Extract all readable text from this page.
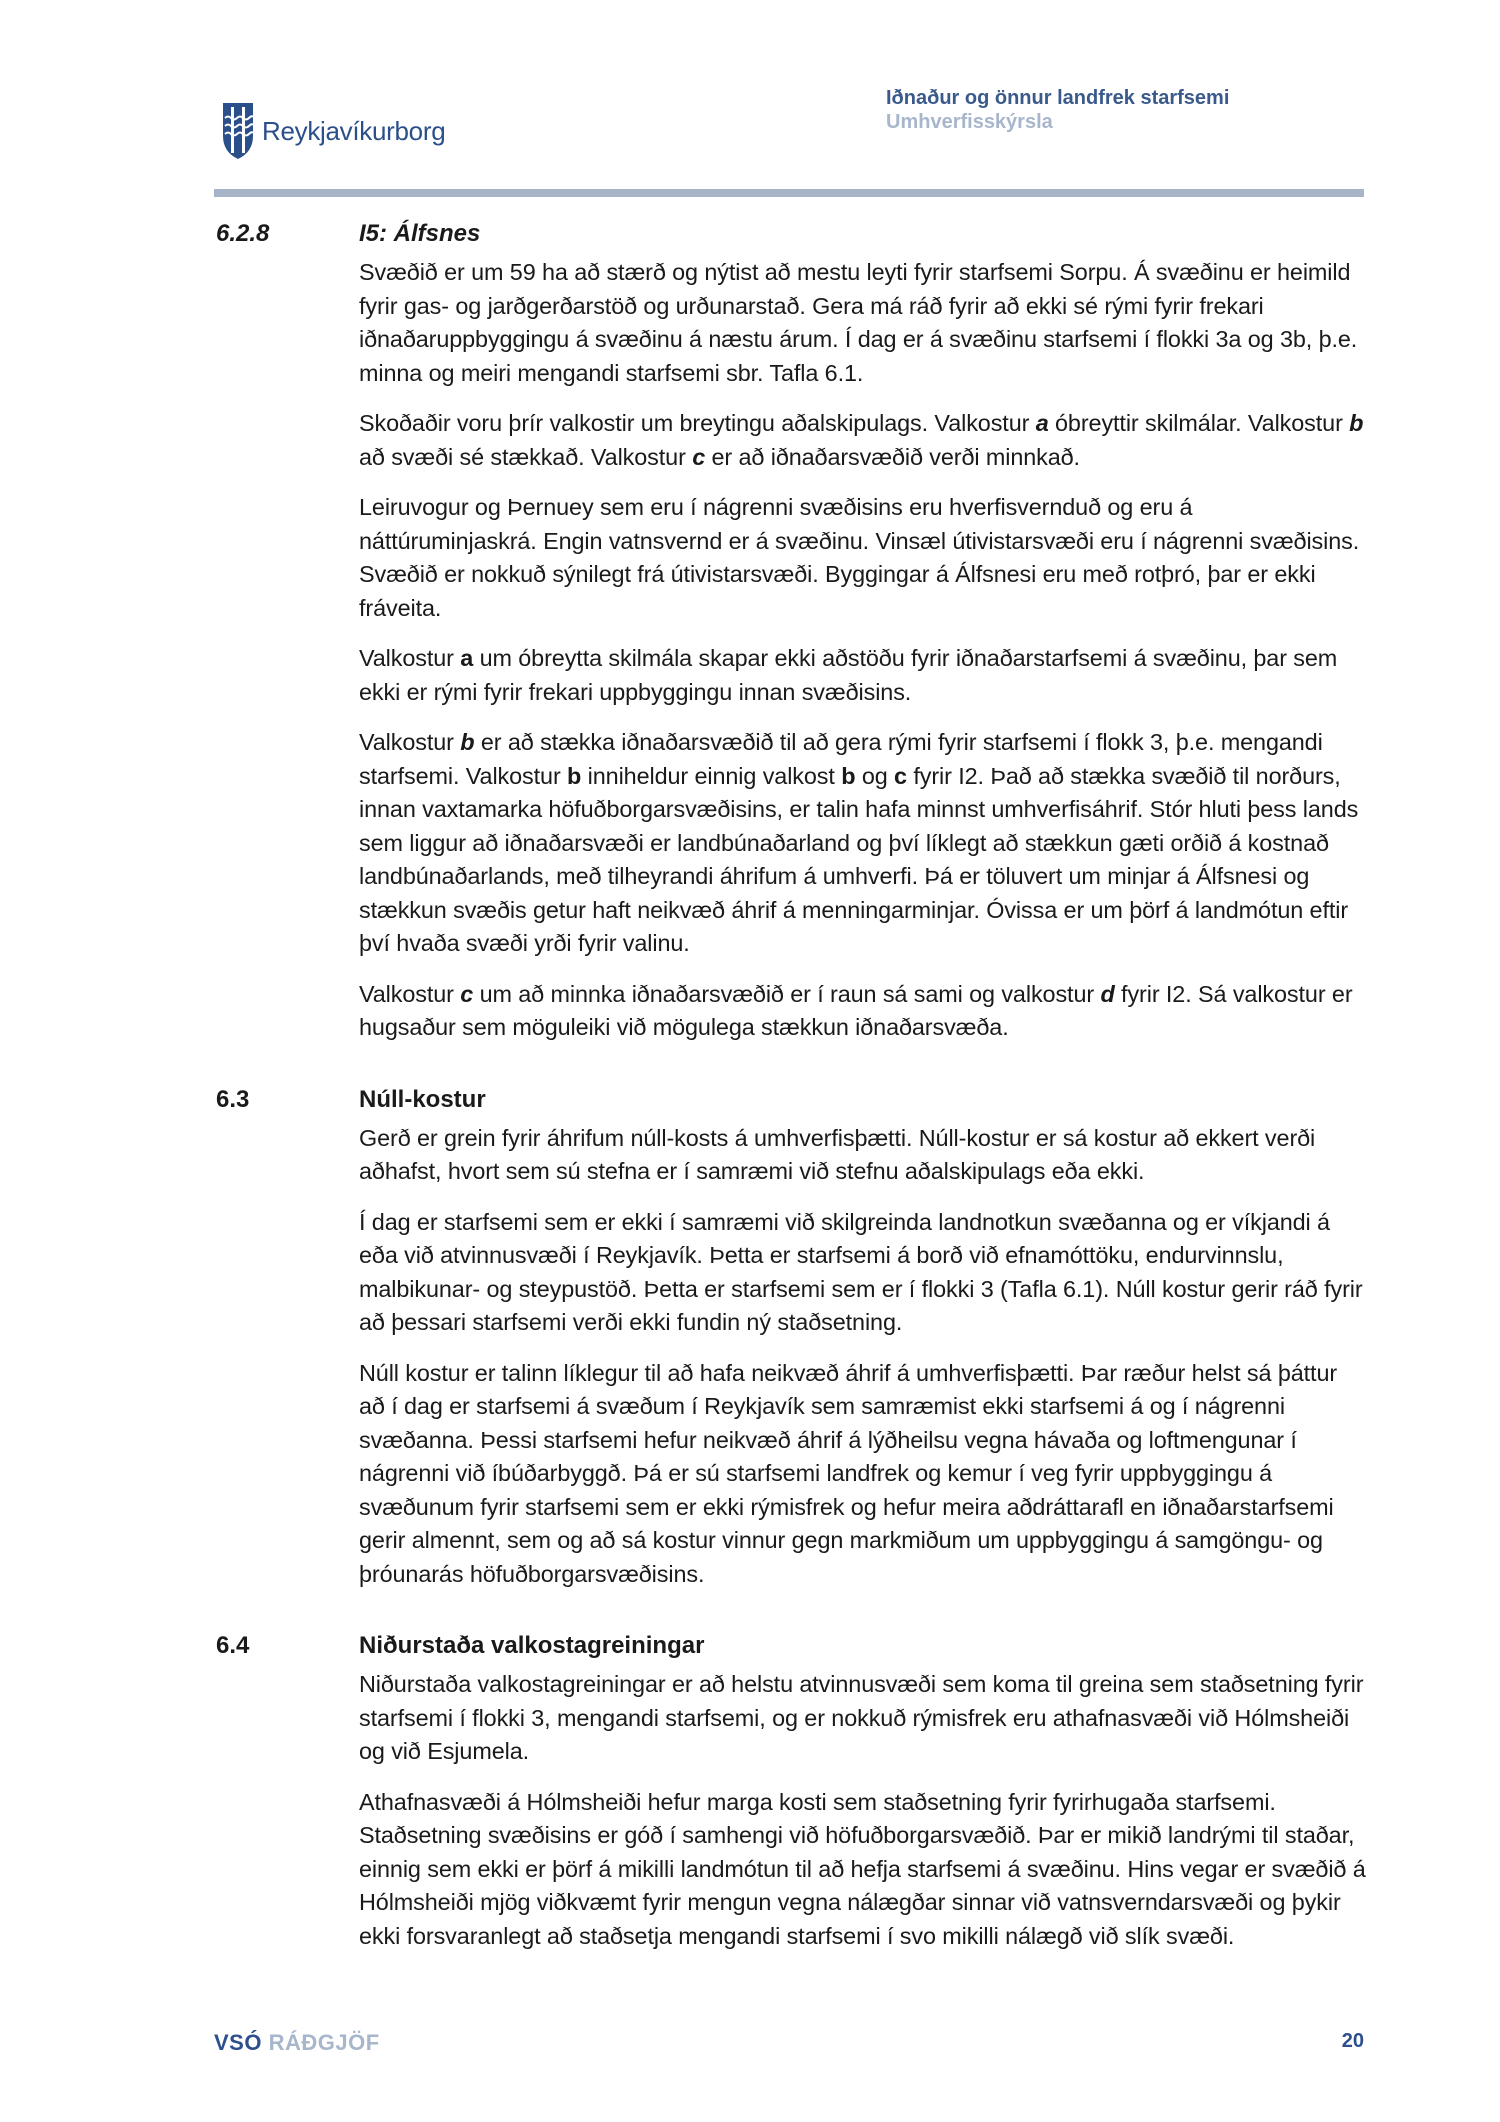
Reykjavíkurborg
Iðnaður og önnur landfrek starfsemi
Umhverfisskýrsla
6.2.8	I5: Álfsnes

Svæðið er um 59 ha að stærð og nýtist að mestu leyti fyrir starfsemi Sorpu. Á svæðinu er heimild fyrir gas- og jarðgerðarstöð og urðunarstað. Gera má ráð fyrir að ekki sé rými fyrir frekari iðnaðaruppbyggingu á svæðinu á næstu árum. Í dag er á svæðinu starfsemi í flokki 3a og 3b, þ.e. minna og meiri mengandi starfsemi sbr. Tafla 6.1.

Skoðaðir voru þrír valkostir um breytingu aðalskipulags. Valkostur a óbreyttir skilmálar. Valkostur b að svæði sé stækkað. Valkostur c er að iðnaðarsvæðið verði minnkað.

Leiruvogur og Þernuey sem eru í nágrenni svæðisins eru hverfisvernduð og eru á náttúruminjaskrá. Engin vatnsvernd er á svæðinu. Vinsæl útivistarsvæði eru í nágrenni svæðisins. Svæðið er nokkuð sýnilegt frá útivistarsvæði. Byggingar á Álfsnesi eru með rotþró, þar er ekki fráveita.

Valkostur a um óbreytta skilmála skapar ekki aðstöðu fyrir iðnaðarstarfsemi á svæðinu, þar sem ekki er rými fyrir frekari uppbyggingu innan svæðisins.

Valkostur b er að stækka iðnaðarsvæðið til að gera rými fyrir starfsemi í flokk 3, þ.e. mengandi starfsemi. Valkostur b inniheldur einnig valkost b og c fyrir I2. Það að stækka svæðið til norðurs, innan vaxtamarka höfuðborgarsvæðisins, er talin hafa minnst umhverfisáhrif. Stór hluti þess lands sem liggur að iðnaðarsvæði er landbúnaðarland og því líklegt að stækkun gæti orðið á kostnað landbúnaðarlands, með tilheyrandi áhrifum á umhverfi. Þá er töluvert um minjar á Álfsnesi og stækkun svæðis getur haft neikvæð áhrif á menningarminjar. Óvissa er um þörf á landmótun eftir því hvaða svæði yrði fyrir valinu.

Valkostur c um að minnka iðnaðarsvæðið er í raun sá sami og valkostur d fyrir I2. Sá valkostur er hugsaður sem möguleiki við mögulega stækkun iðnaðarsvæða.

6.3	Núll-kostur

Gerð er grein fyrir áhrifum núll-kosts á umhverfisþætti. Núll-kostur er sá kostur að ekkert verði aðhafst, hvort sem sú stefna er í samræmi við stefnu aðalskipulags eða ekki.

Í dag er starfsemi sem er ekki í samræmi við skilgreinda landnotkun svæðanna og er víkjandi á eða við atvinnusvæði í Reykjavík. Þetta er starfsemi á borð við efnamóttöku, endurvinnslu, malbikunar- og steypustöð. Þetta er starfsemi sem er í flokki 3 (Tafla 6.1). Núll kostur gerir ráð fyrir að þessari starfsemi verði ekki fundin ný staðsetning.

Núll kostur er talinn líklegur til að hafa neikvæð áhrif á umhverfisþætti. Þar ræður helst sá þáttur að í dag er starfsemi á svæðum í Reykjavík sem samræmist ekki starfsemi á og í nágrenni svæðanna. Þessi starfsemi hefur neikvæð áhrif á lýðheilsu vegna hávaða og loftmengunar í nágrenni við íbúðarbyggð. Þá er sú starfsemi landfrek og kemur í veg fyrir uppbyggingu á svæðunum fyrir starfsemi sem er ekki rýmisfrek og hefur meira aðdráttarafl en iðnaðarstarfsemi gerir almennt, sem og að sá kostur vinnur gegn markmiðum um uppbyggingu á samgöngu- og þróunarás höfuðborgarsvæðisins.

6.4	Niðurstaða valkostagreiningar

Niðurstaða valkostagreiningar er að helstu atvinnusvæði sem koma til greina sem staðsetning fyrir starfsemi í flokki 3, mengandi starfsemi, og er nokkuð rýmisfrek eru athafnasvæði við Hólmsheiði og við Esjumela.

Athafnasvæði á Hólmsheiði hefur marga kosti sem staðsetning fyrir fyrirhugaða starfsemi. Staðsetning svæðisins er góð í samhengi við höfuðborgarsvæðið. Þar er mikið landrými til staðar, einnig sem ekki er þörf á mikilli landmótun til að hefja starfsemi á svæðinu. Hins vegar er svæðið á Hólmsheiði mjög viðkvæmt fyrir mengun vegna nálægðar sinnar við vatnsverndarsvæði og þykir ekki forsvaranlegt að staðsetja mengandi starfsemi í svo mikilli nálægð við slík svæði.

VSÓ RÁÐGJÖF	20
